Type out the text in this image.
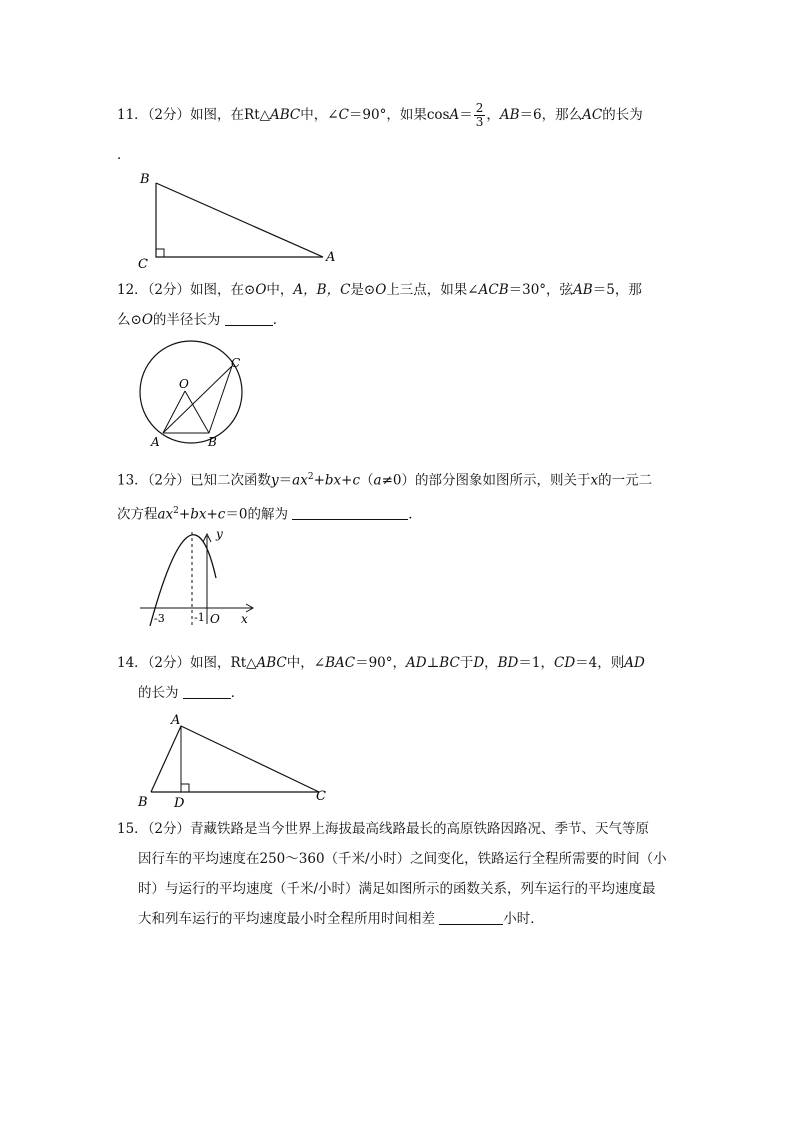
11．（2分）如图，在Rt△ABC中，∠C＝90°，如果$\cos A= \frac{2}{3}$ ，AB＝6，那么AC的长为
．
B
C	A
12．（2分）如图，在⊙O中，A，B，C是⊙O上三点，如果∠ACB＝30°，弦AB＝5，那
么⊙O的半径长为	．
O
A	B
C
13．（2分）已知二次函数$y=ax^2+bx+c(a\ne 0)$的部分图象如图所示，则关于x的一元二
次方程$ax^2+bx+c=0$的解为	．
y
x
-3	-1 O
14．（2分）如图，Rt△ABC中，∠BAC＝90°，AD⊥BC于D，BD＝1，CD＝4，则AD
的长为	．
A
B D	C
15．（2分）青藏铁路是当今世界上海拔最高线路最长的高原铁路因路况、季节、天气等原
因行车的平均速度在250～360（千米/小时）之间变化，铁路运行全程所需要的时间（小
时）与运行的平均速度（千米/小时）满足如图所示的函数关系，列车运行的平均速度最
大和列车运行的平均速度最小时全程所用时间相差	小时．
